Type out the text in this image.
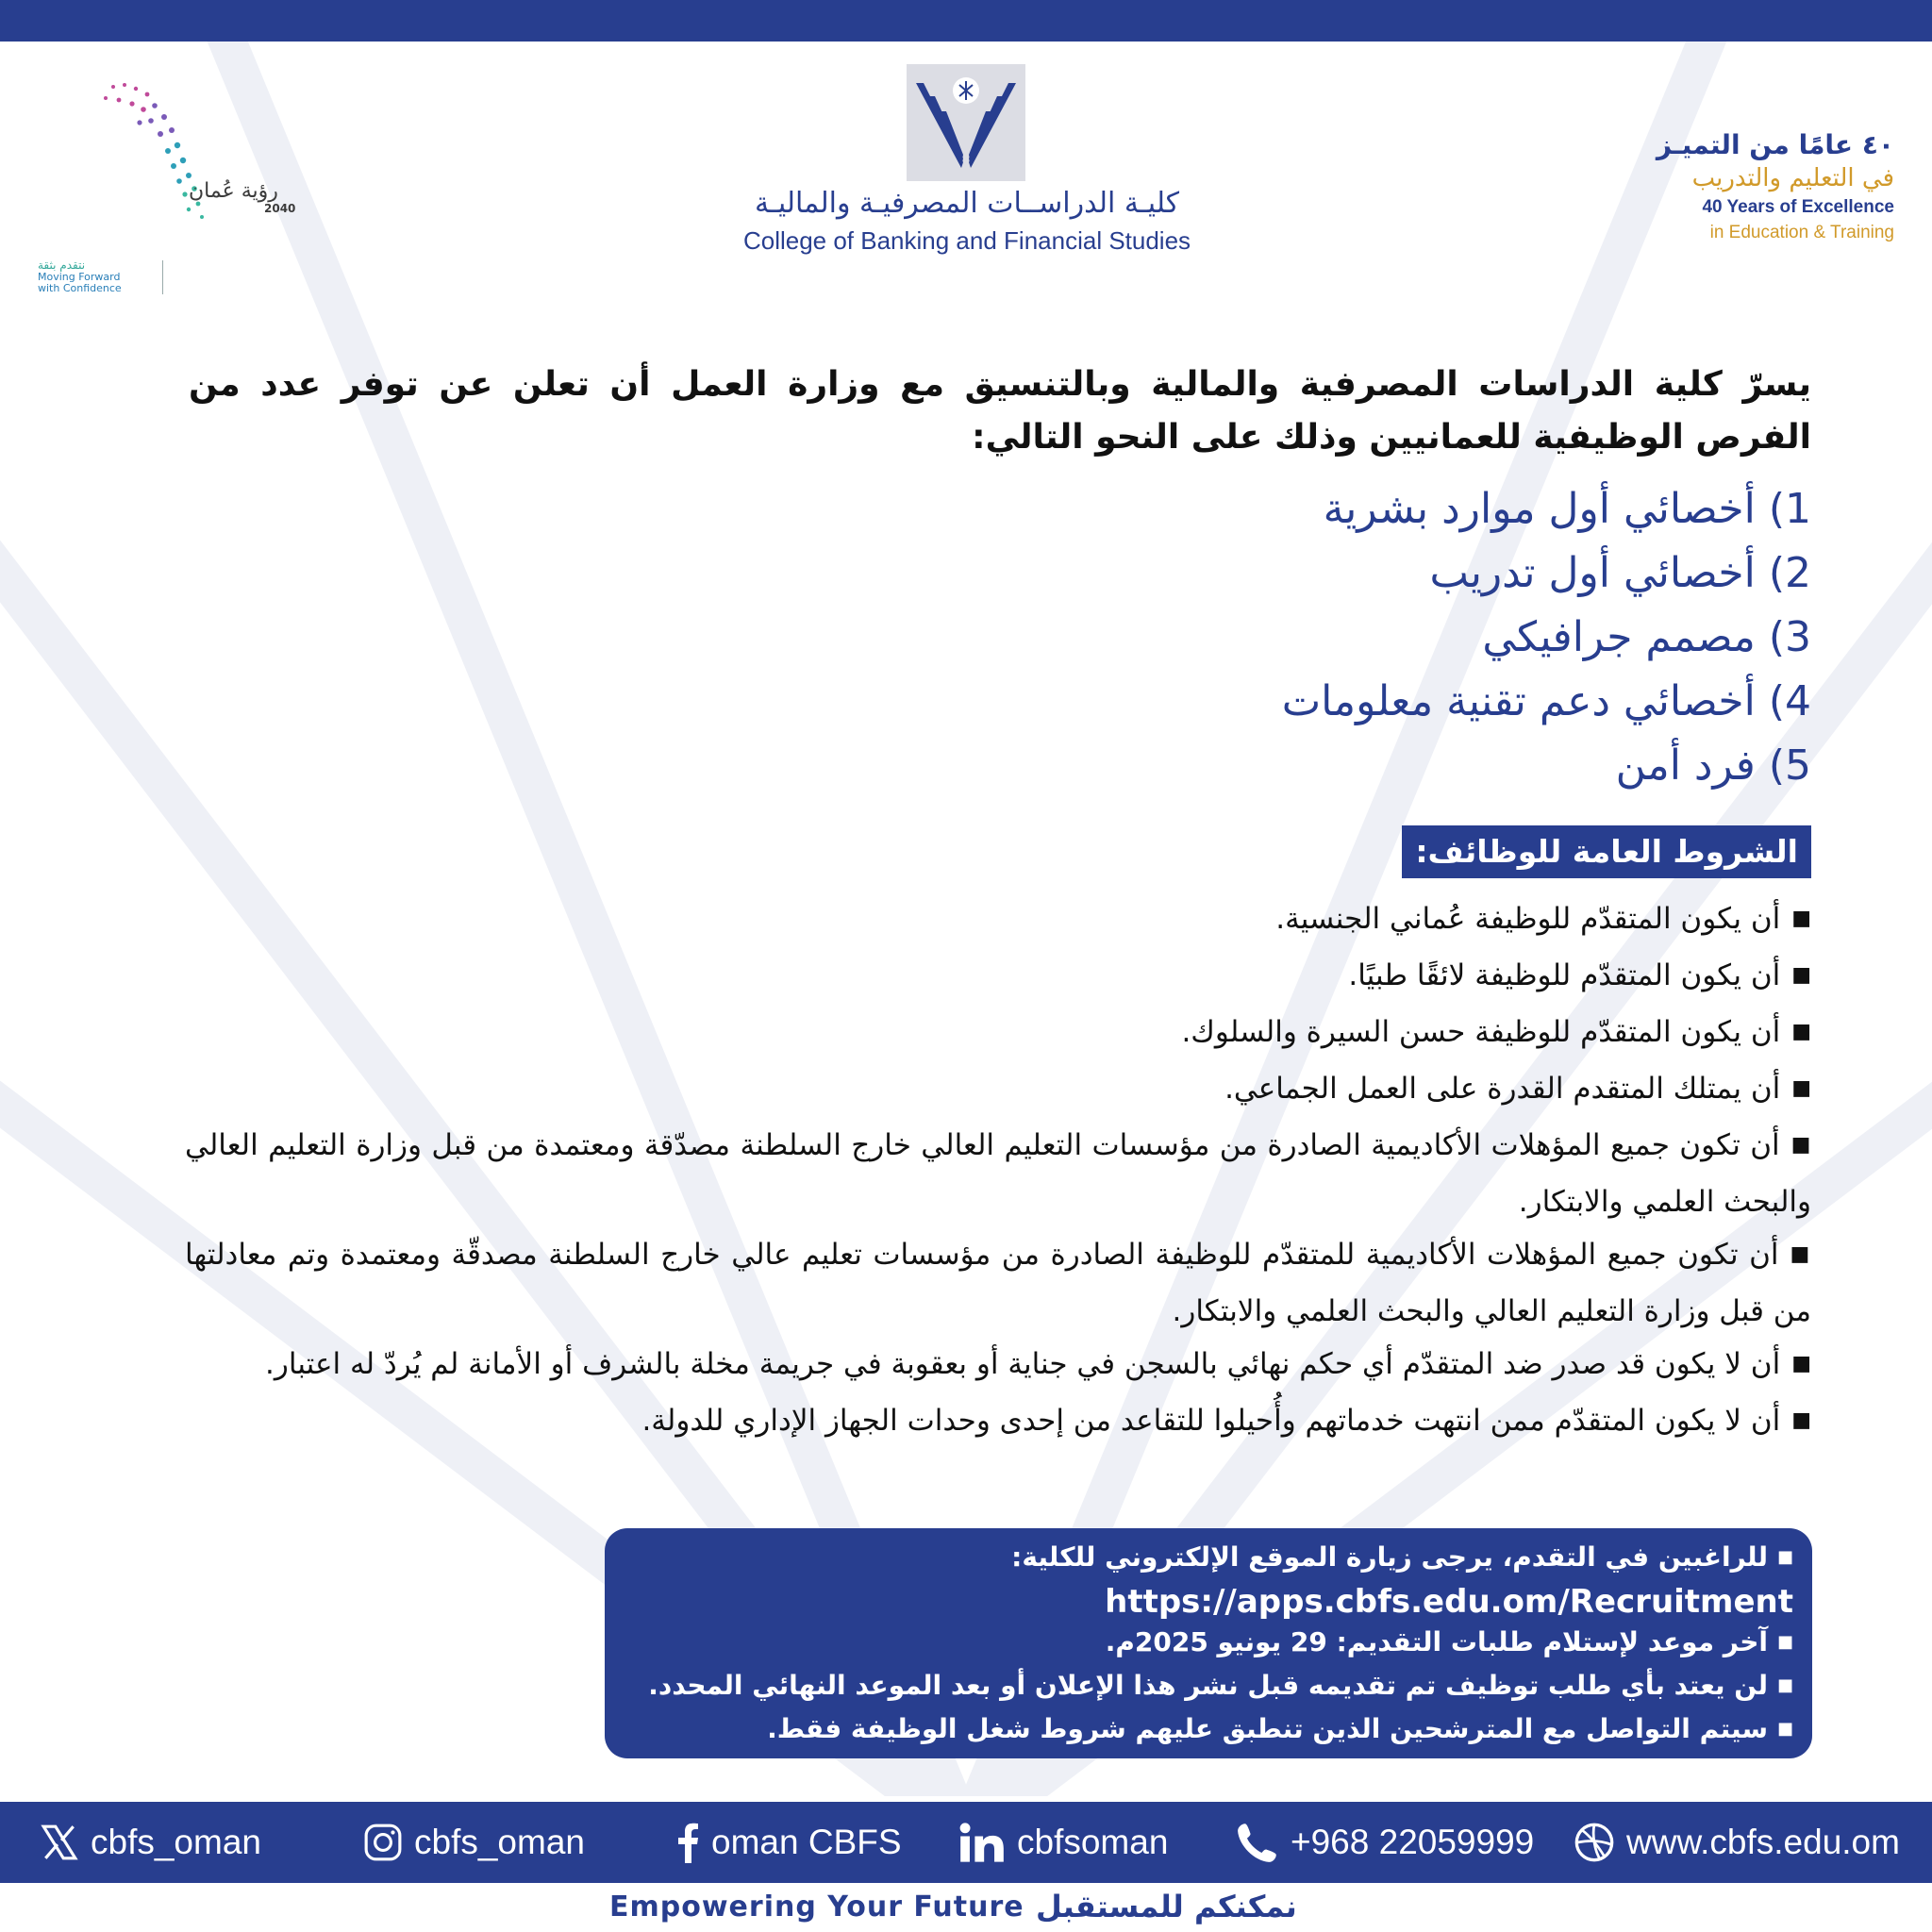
رؤية عُمان
2040
نتقدم بثقة
Moving Forward with Confidence
كليـة الدراســات المصرفيـة والماليـة
College of Banking and Financial Studies
٤٠ عامًا من التميـز
في التعليم والتدريب
40 Years of Excellence
in Education & Training
يسرّ كلية الدراسات المصرفية والمالية وبالتنسيق مع وزارة العمل أن تعلن عن توفر عدد من الفرص الوظيفية للعمانيين وذلك على النحو التالي:
1) أخصائي أول موارد بشرية
2) أخصائي أول تدريب
3) مصمم جرافيكي
4) أخصائي دعم تقنية معلومات
5) فرد أمن
الشروط العامة للوظائف:
■ أن يكون المتقدّم للوظيفة عُماني الجنسية.
■ أن يكون المتقدّم للوظيفة لائقًا طبيًا.
■ أن يكون المتقدّم للوظيفة حسن السيرة والسلوك.
■ أن يمتلك المتقدم القدرة على العمل الجماعي.
■ أن تكون جميع المؤهلات الأكاديمية الصادرة من مؤسسات التعليم العالي خارج السلطنة مصدّقة ومعتمدة من قبل وزارة التعليم العالي والبحث العلمي والابتكار.
■ أن تكون جميع المؤهلات الأكاديمية للمتقدّم للوظيفة الصادرة من مؤسسات تعليم عالي خارج السلطنة مصدقّة ومعتمدة وتم معادلتها من قبل وزارة التعليم العالي والبحث العلمي والابتكار.
■ أن لا يكون قد صدر ضد المتقدّم أي حكم نهائي بالسجن في جناية أو بعقوبة في جريمة مخلة بالشرف أو الأمانة لم يُردّ له اعتبار.
■ أن لا يكون المتقدّم ممن انتهت خدماتهم وأُحيلوا للتقاعد من إحدى وحدات الجهاز الإداري للدولة.
■ للراغبين في التقدم، يرجى زيارة الموقع الإلكتروني للكلية:
https://apps.cbfs.edu.om/Recruitment
■ آخر موعد لإستلام طلبات التقديم: 29 يونيو 2025م.
■ لن يعتد بأي طلب توظيف تم تقديمه قبل نشر هذا الإعلان أو بعد الموعد النهائي المحدد.
■ سيتم التواصل مع المترشحين الذين تنطبق عليهم شروط شغل الوظيفة فقط.
cbfs_oman	cbfs_oman	oman CBFS	cbfsoman	+968 22059999	www.cbfs.edu.om
Empowering Your Future نمكنكم للمستقبل
